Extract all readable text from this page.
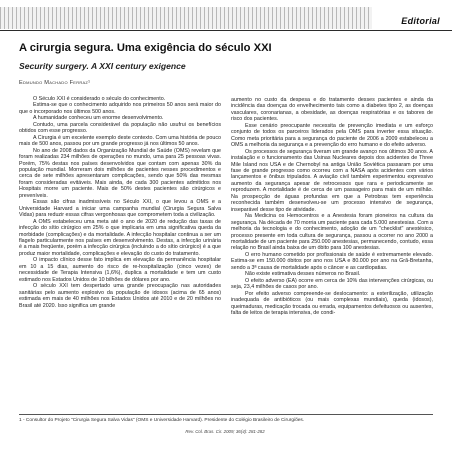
Editorial
A cirurgia segura. Uma exigência do século XXI
Security surgery. A XXI century exigence

Edmundo Machado Ferraz¹

O Século XXI é considerado o século do conhecimento.

Estima-se que o conhecimento adquirido nos primeiros 50 anos será maior do que o incorporado nos últimos 500 anos.

A humanidade conheceu um enorme desenvolvimento.

Contudo, uma parcela considerável da população não usufrui os benefícios obtidos com esse progresso.

A Cirurgia é um excelente exemplo deste contexto. Com uma história de pouco mais de 500 anos, passou por um grande progresso já nos últimos 50 anos.

No ano de 2008 dados da Organização Mundial de Saúde (OMS) revelam que foram realizadas 234 milhões de operações no mundo, uma para 25 pessoas vivas. Porém, 75% destas nos países desenvolvidos que contam com apenas 30% da população mundial. Morreram dois milhões de pacientes nesses procedimentos e cerca de sete milhões apresentaram complicações, sendo que 50% das mesmas foram consideradas evitáveis. Mais ainda, de cada 300 pacientes admitidos nos Hospitais morre um paciente. Mais de 50% destes pacientes são cirúrgicos e preveníveis.

Essas são cifras inadmissíveis no Século XXI, o que levou a OMS e a Universidade Harvard a iniciar uma campanha mundial (Cirurgia Segura Salva Vidas) para reduzir essas cifras vergonhosas que comprometem toda a civilização.

A OMS estabeleceu uma meta até o ano de 2020 de redução das taxas de infecção do sítio cirúrgico em 25% o que implicaria em uma significativa queda da morbidade (complicações) e da mortalidade. A infecção hospitalar continua a ser um flagelo particularmente nos países em desenvolvimento. Destas, a infecção urinária é a mais freqüente, porém a infecção cirúrgica (incluindo a do sítio cirúrgico) é a que produz maior mortalidade, complicações e elevação do custo do tratamento.

O impacto clínico desse fato implica em elevação da permanência hospitalar em 10 a 15 dias, aumento do risco de re-hospitalização (cinco vezes) de necessidade de Terapia Intensiva (1,6%), duplica a mortalidade e tem um custo estimado nos Estados Unidos de 10 bilhões de dólares por ano.

O século XXI tem despertado uma grande preocupação nas autoridades sanitárias pelo aumento explosivo da população de idosos (acima de 65 anos) estimada em mais de 40 milhões nos Estados Unidos até 2010 e de 20 milhões no Brasil até 2020. Isso significa um grande

aumento no custo da despesa e do tratamento desses pacientes e ainda da incidência das doenças do envelhecimento tais como a diabetes tipo 2, as doenças vasculares, coronarianas, a obesidade, as doenças respiratórias e os tabores de risco dos pacientes.

Esse cenário preocupante necessita de prevenção imediata e um esforço conjunto de todos os parceiros liderados pela OMS para inverter essa situação. Como meta prioritária para a segurança do paciente de 2006 a 2009 estabeleceu a OMS a melhoria da segurança e a prevenção do erro humano e do efeito adverso.

Os processos de segurança tiveram um grande avanço nos últimos 30 anos. A instalação e o funcionamento das Usinas Nucleares depois dos acidentes de Three Mile Island nos USA e de Chernobyl na antiga União Soviética passaram por uma fase de grande progresso como ocorreu com a NASA após acidentes com vários lançamentos e ônibus tripulados. A aviação civil também experimentou expressivo aumento da segurança apesar de retrocessos que rara e periodicamente se reproduzem. A mortalidade é de cerca de um passageiro para mais de um milhão. Na prospecção de águas profundas em que a Petrobras tem experiência reconhecida também desenvolveu-se um processo intensivo de segurança, inseparável desse tipo de atividade.

Na Medicina os Hemocentros e a Anestesia foram pioneiros na cultura da segurança. Na década de 70 morria um paciente para cada 5.000 anestesias. Com a melhoria da tecnologia e do conhecimento, adoção de um "checklist" anestésico, processo presente em toda cultura de segurança, passou a ocorrer no ano 2000 a mortalidade de um paciente para 250.000 anestesias, permanecendo, contudo, essa relação no Brasil ainda baixa de um óbito para 100 anestesias.

O erro humano cometido por profissionais de saúde é extremamente elevado. Estima-se em 150.000 óbitos por ano nos USA e 80.000 por ano na Grã-Bretanha, sendo a 3ª causa de mortalidade após o câncer e as cardiopatias.

Não existe estimativa desses números no Brasil.

O efeito adverso (EA) ocorre em cerca de 10% das intervenções cirúrgicas, ou seja, 23,4 milhões de casos por ano.

Por efeito adverso compreende-se deslocamento: a esterilização, utilização inadequada de antibióticos (ou mais complexas mundiais), queda (idosos), queimaduras, medicação trocada ou errada, equipamentos defeituosos ou ausentes, falta de leitos de terapia intensiva, de condi-

1 - Consultor do Projeto "Cirurgia Segura Salva Vidas" (OMS e Universidade Harvard). Presidente do Colégio Brasileiro de Cirurgiões.
Rev. Col. Bras. Cir. 2009; 36(4): 281-282
